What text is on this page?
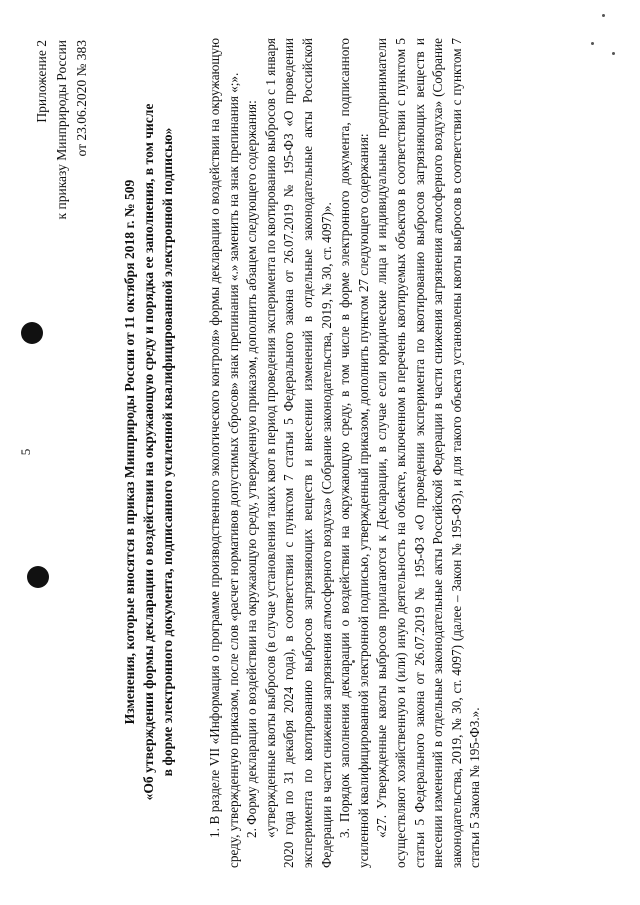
5
Приложение 2 к приказу Минприроды России от 23.06.2020 № 383
Изменения, которые вносятся в приказ Минприроды России от 11 октября 2018 г. № 509 «Об утверждении формы декларации о воздействии на окружающую среду и порядка ее заполнения, в том числе в форме электронного документа, подписанного усиленной квалифицированной электронной подписью» 1. В разделе VII «Информация о программе производственного экологического контроля» формы декларации о воздействии на окружающую среду, утвержденную приказом, после слов «расчет нормативов допустимых сбросов» знак препинания «.» заменить на знак препинания «;». 2. Форму декларации о воздействии на окружающую среду, утвержденную приказом, дополнить абзацем следующего содержания: «утвержденные квоты выбросов (в случае установления таких квот в период проведения эксперимента по квотированию выбросов с 1 января 2020 года по 31 декабря 2024 года), в соответствии с пунктом 7 статьи 5 Федерального закона от 26.07.2019 № 195-ФЗ «О проведении эксперимента по квотированию выбросов загрязняющих веществ и внесении изменений в отдельные законодательные акты Российской Федерации в части снижения загрязнения атмосферного воздуха» (Собрание законодательства, 2019, № 30, ст. 4097)». 3. Порядок заполнения декларации о воздействии на окружающую среду, в том числе в форме электронного документа, подписанного усиленной квалифицированной электронной подписью, утвержденный приказом, дополнить пунктом 27 следующего содержания: «27. Утвержденные квоты выбросов прилагаются к Декларации, в случае если юридические лица и индивидуальные предприниматели осуществляют хозяйственную и (или) иную деятельность на объекте, включенном в перечень квотируемых объектов в соответствии с пунктом 5 статьи 5 Федерального закона от 26.07.2019 № 195-ФЗ «О проведении эксперимента по квотированию выбросов загрязняющих веществ и внесении изменений в отдельные законодательные акты Российской Федерации в части снижения загрязнения атмосферного воздуха» (Собрание законодательства, 2019, № 30, ст. 4097) (далее – Закон № 195-ФЗ), и для такого объекта установлены квоты выбросов в соответствии с пунктом 7 статьи 5 Закона № 195-ФЗ.».
